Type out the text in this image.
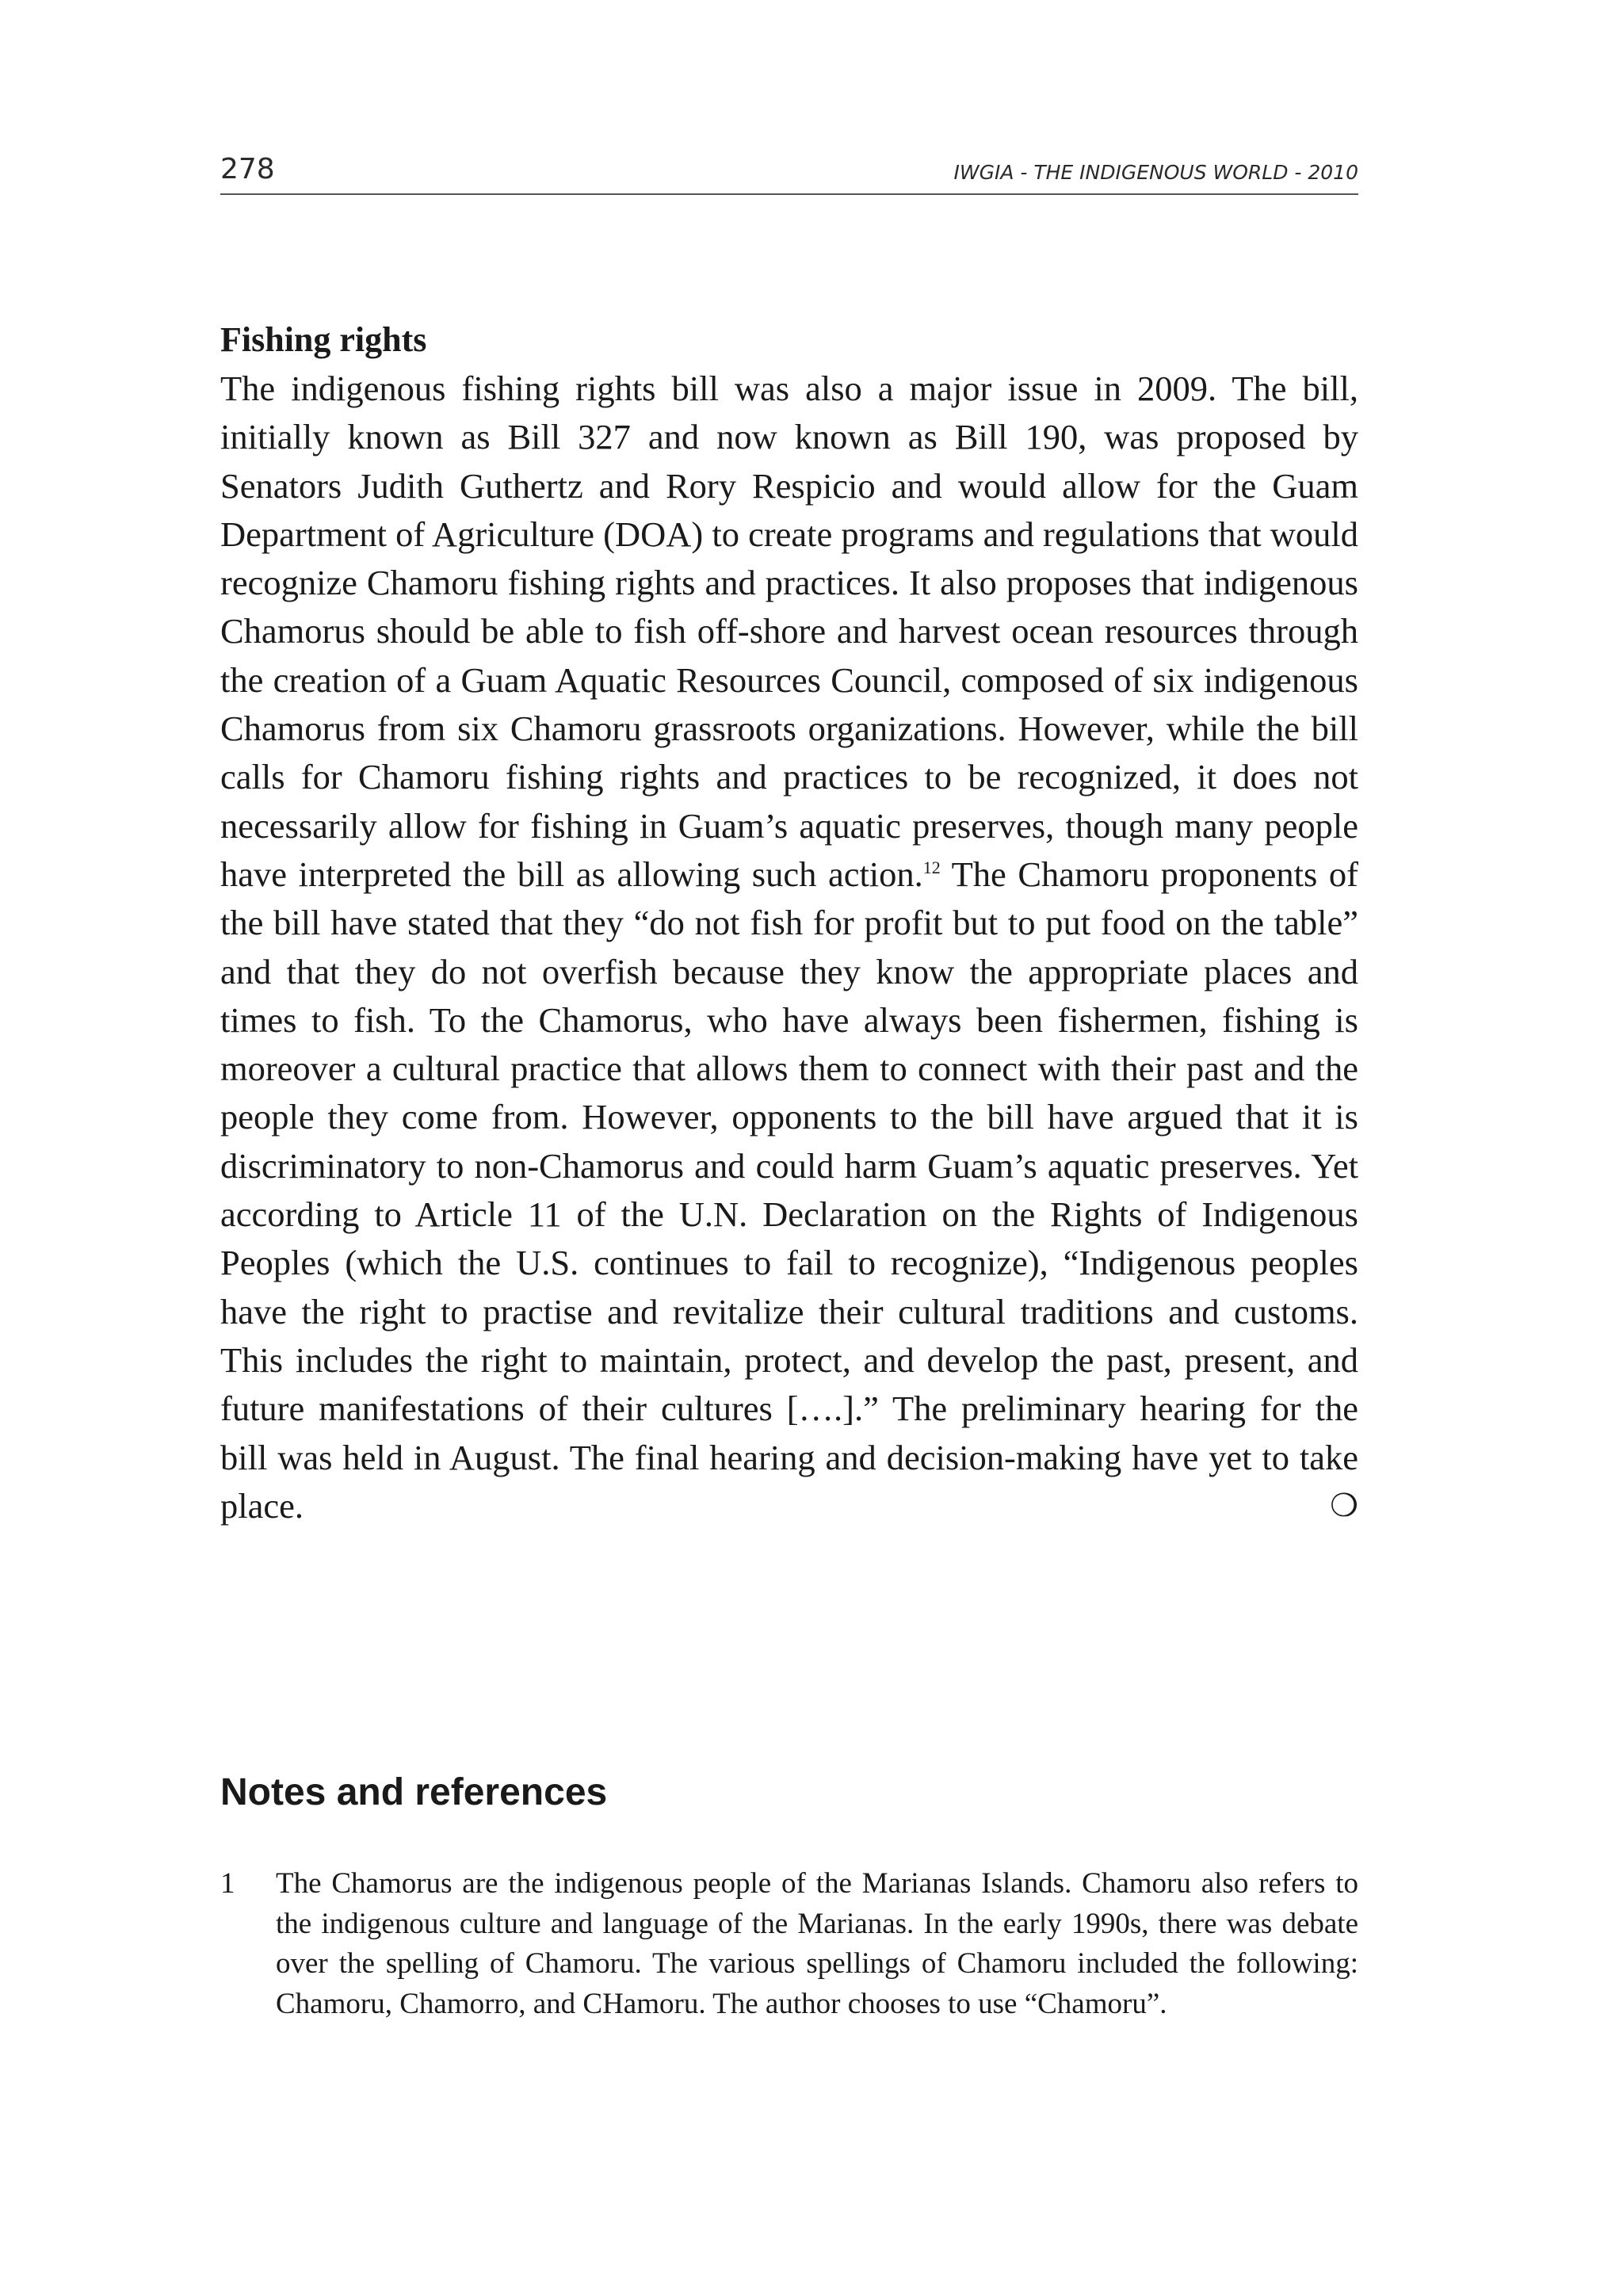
278	IWGIA - THE INDIGENOUS WORLD - 2010
Fishing rights

The indigenous fishing rights bill was also a major issue in 2009. The bill, initially known as Bill 327 and now known as Bill 190, was proposed by Senators Judith Guthertz and Rory Respicio and would allow for the Guam Department of Agriculture (DOA) to create programs and regulations that would recognize Chamoru fishing rights and practices. It also proposes that indigenous Chamorus should be able to fish off-shore and harvest ocean resources through the creation of a Guam Aquatic Resources Council, composed of six indigenous Chamorus from six Chamoru grassroots organizations. However, while the bill calls for Chamoru fishing rights and practices to be recognized, it does not necessarily allow for fishing in Guam’s aquatic preserves, though many people have interpreted the bill as allowing such action.$^{12}$ The Chamoru proponents of the bill have stated that they “do not fish for profit but to put food on the table” and that they do not overfish because they know the appropriate places and times to fish. To the Chamorus, who have always been fishermen, fishing is moreover a cultural practice that allows them to connect with their past and the people they come from. However, opponents to the bill have argued that it is discriminatory to non-Chamorus and could harm Guam’s aquatic preserves. Yet according to Article 11 of the U.N. Declaration on the Rights of Indigenous Peoples (which the U.S. continues to fail to recognize), “Indigenous peoples have the right to practise and revitalize their cultural traditions and customs. This includes the right to maintain, protect, and develop the past, present, and future manifestations of their cultures [….].” The preliminary hearing for the bill was held in August. The final hearing and decision-making have yet to take place.	❍
Notes and references
1 The Chamorus are the indigenous people of the Marianas Islands. Chamoru also refers to the indigenous culture and language of the Marianas. In the early 1990s, there was debate over the spelling of Chamoru. The various spellings of Chamoru included the following: Chamoru, Chamorro, and CHamoru. The author chooses to use “Chamoru”.
